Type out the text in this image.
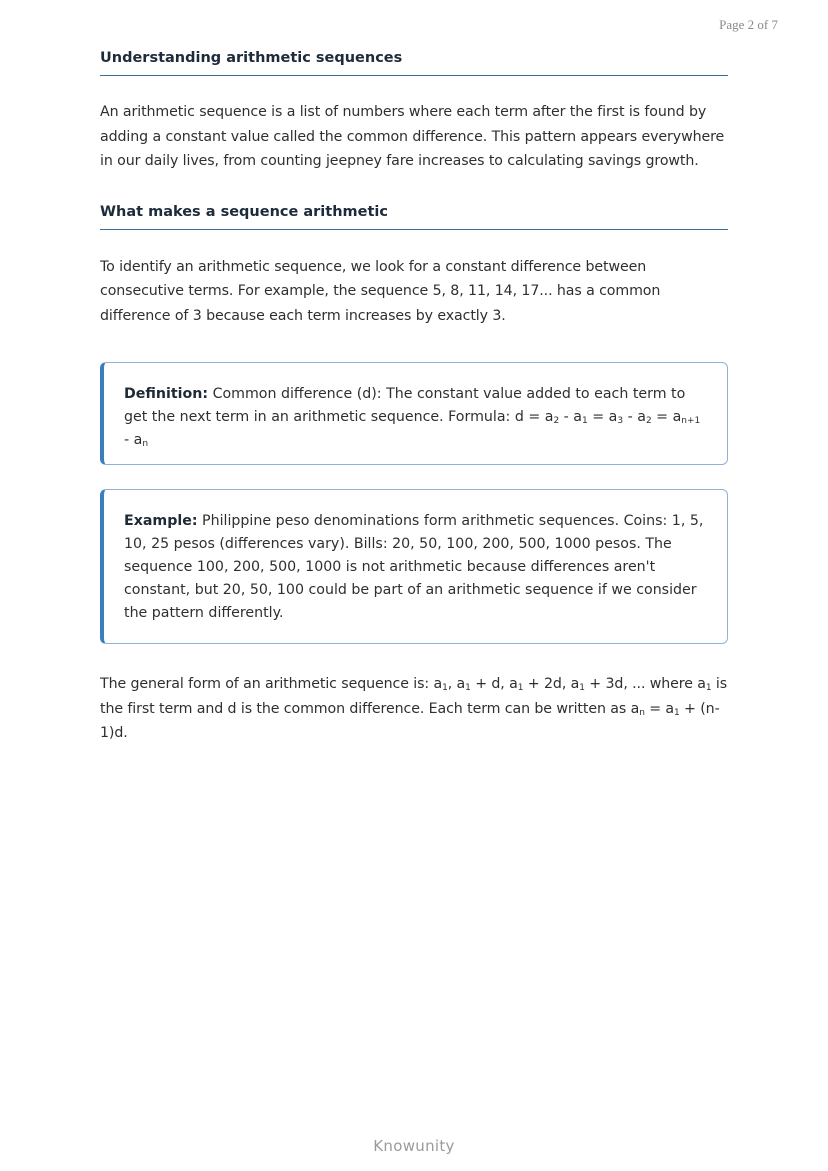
Page 2 of 7
Understanding arithmetic sequences

An arithmetic sequence is a list of numbers where each term after the first is found by adding a constant value called the common difference. This pattern appears everywhere in our daily lives, from counting jeepney fare increases to calculating savings growth.

What makes a sequence arithmetic

To identify an arithmetic sequence, we look for a constant difference between consecutive terms. For example, the sequence 5, 8, 11, 14, 17... has a common difference of 3 because each term increases by exactly 3.

Definition: Common difference (d): The constant value added to each term to get the next term in an arithmetic sequence. Formula: $d = a_2 - a_1 = a_3 - a_2 = a_{n+1} - a_n$
Example: Philippine peso denominations form arithmetic sequences. Coins: 1, 5, 10, 25 pesos (differences vary). Bills: 20, 50, 100, 200, 500, 1000 pesos. The sequence 100, 200, 500, 1000 is not arithmetic because differences aren't constant, but 20, 50, 100 could be part of an arithmetic sequence if we consider the pattern differently.

The general form of an arithmetic sequence is: $a_1$, $a_1 + d$, $a_1 + 2d$, $a_1 + 3d$, ... where $a_1$ is the first term and d is the common difference. Each term can be written as $a_n = a_1 + (n-1)d$.

Knowunity
